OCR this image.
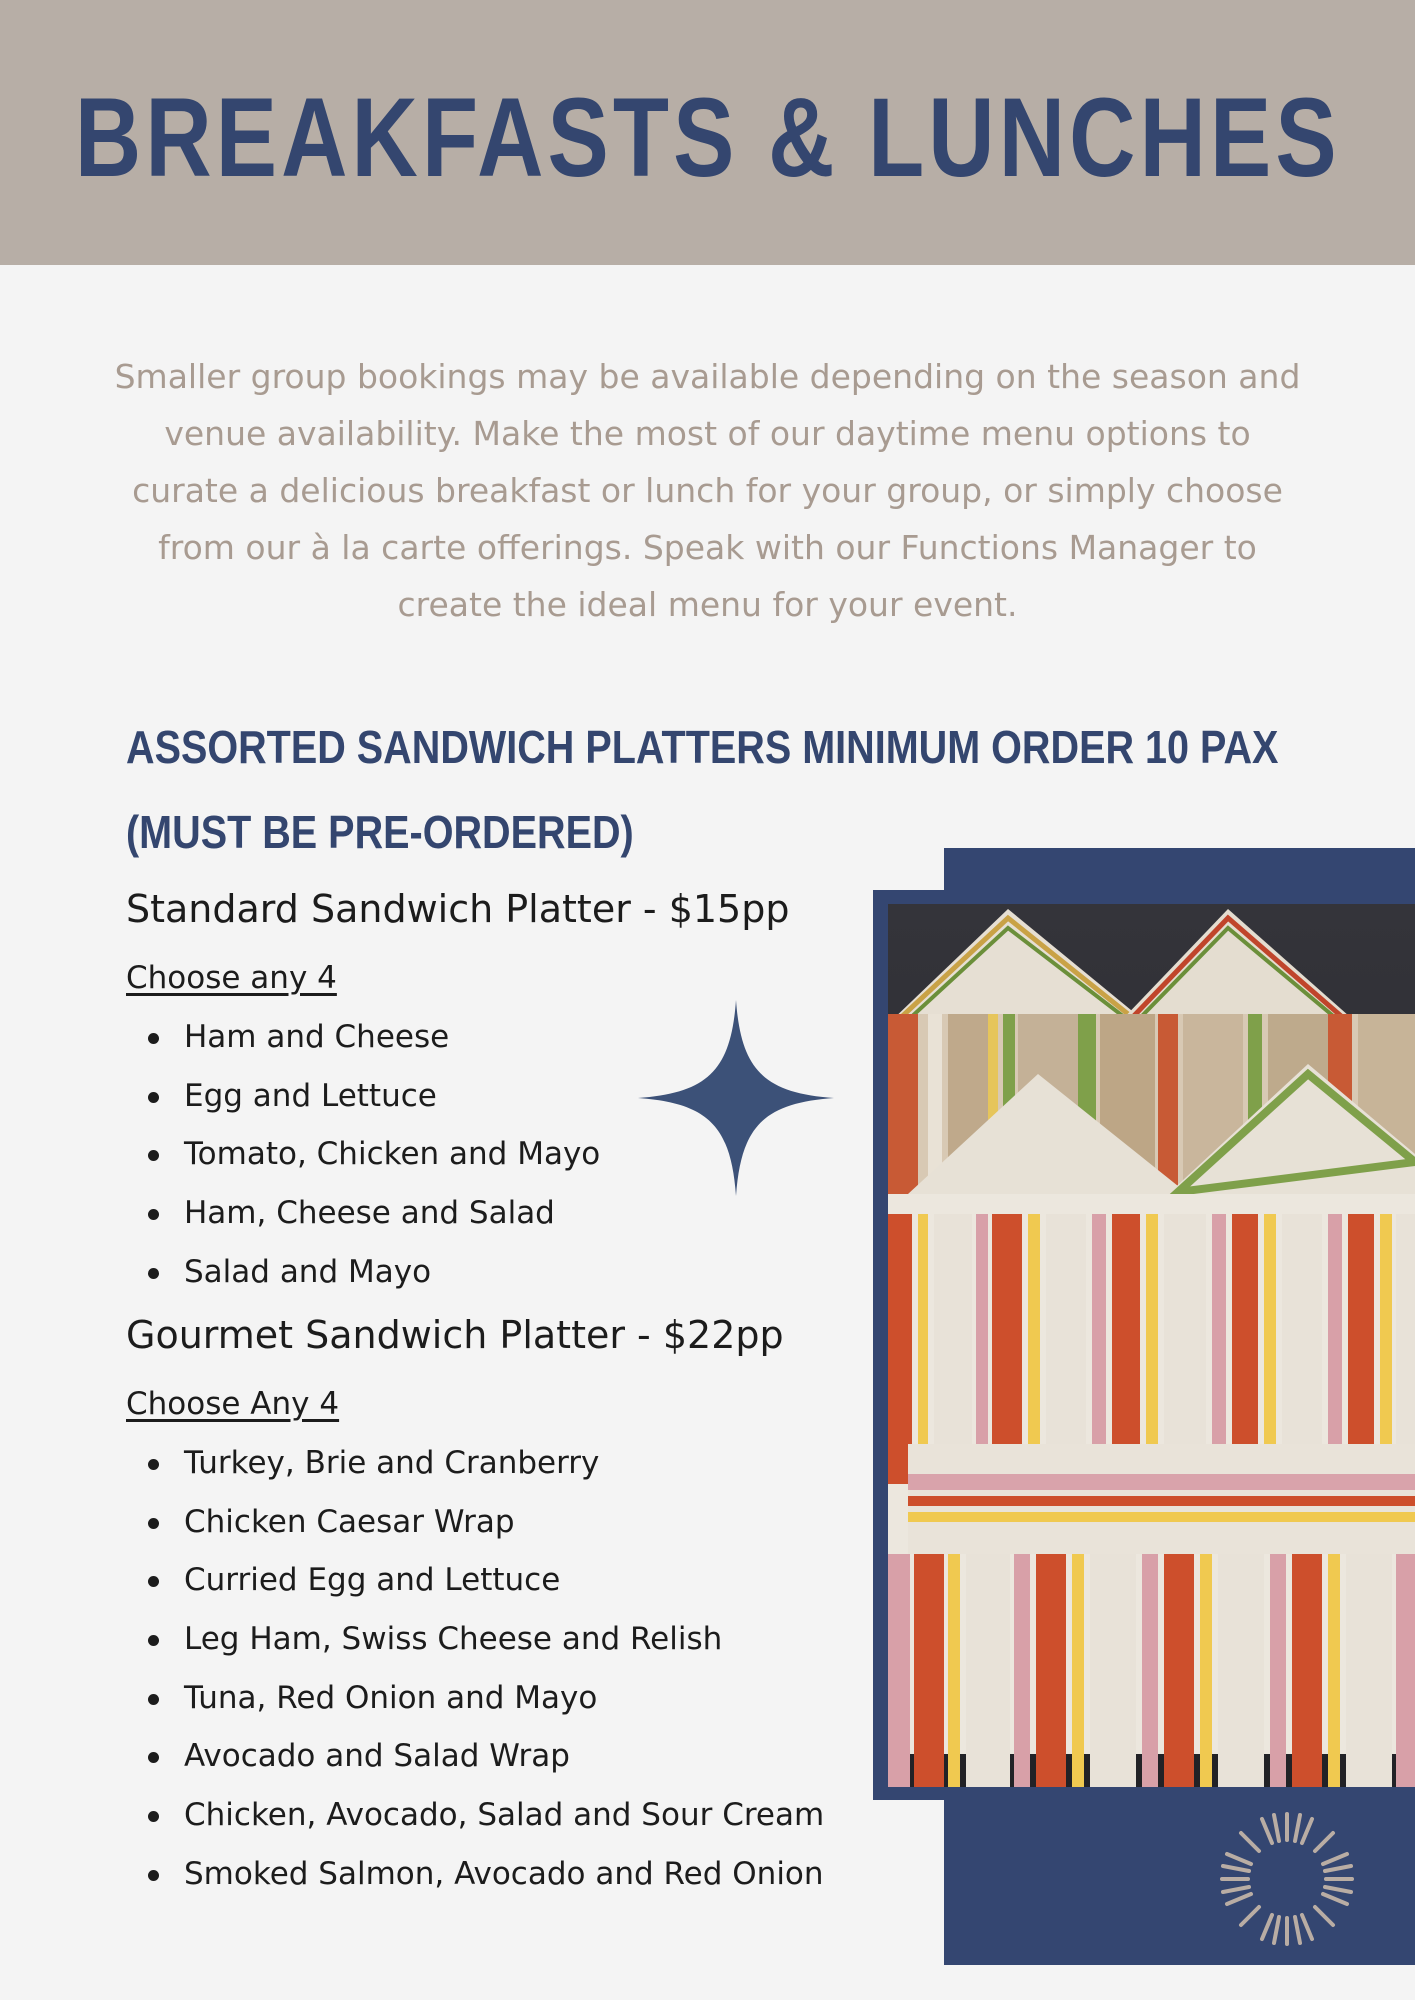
BREAKFASTS & LUNCHES

Smaller group bookings may be available depending on the season and venue availability. Make the most of our daytime menu options to curate a delicious breakfast or lunch for your group, or simply choose from our à la carte offerings. Speak with our Functions Manager to create the ideal menu for your event.

ASSORTED SANDWICH PLATTERS MINIMUM ORDER 10 PAX
(MUST BE PRE-ORDERED)
Standard Sandwich Platter - $15pp
Choose any 4
Ham and Cheese
Egg and Lettuce
Tomato, Chicken and Mayo
Ham, Cheese and Salad
Salad and Mayo
Gourmet Sandwich Platter - $22pp
Choose Any 4
Turkey, Brie and Cranberry
Chicken Caesar Wrap
Curried Egg and Lettuce
Leg Ham, Swiss Cheese and Relish
Tuna, Red Onion and Mayo
Avocado and Salad Wrap
Chicken, Avocado, Salad and Sour Cream
Smoked Salmon, Avocado and Red Onion
